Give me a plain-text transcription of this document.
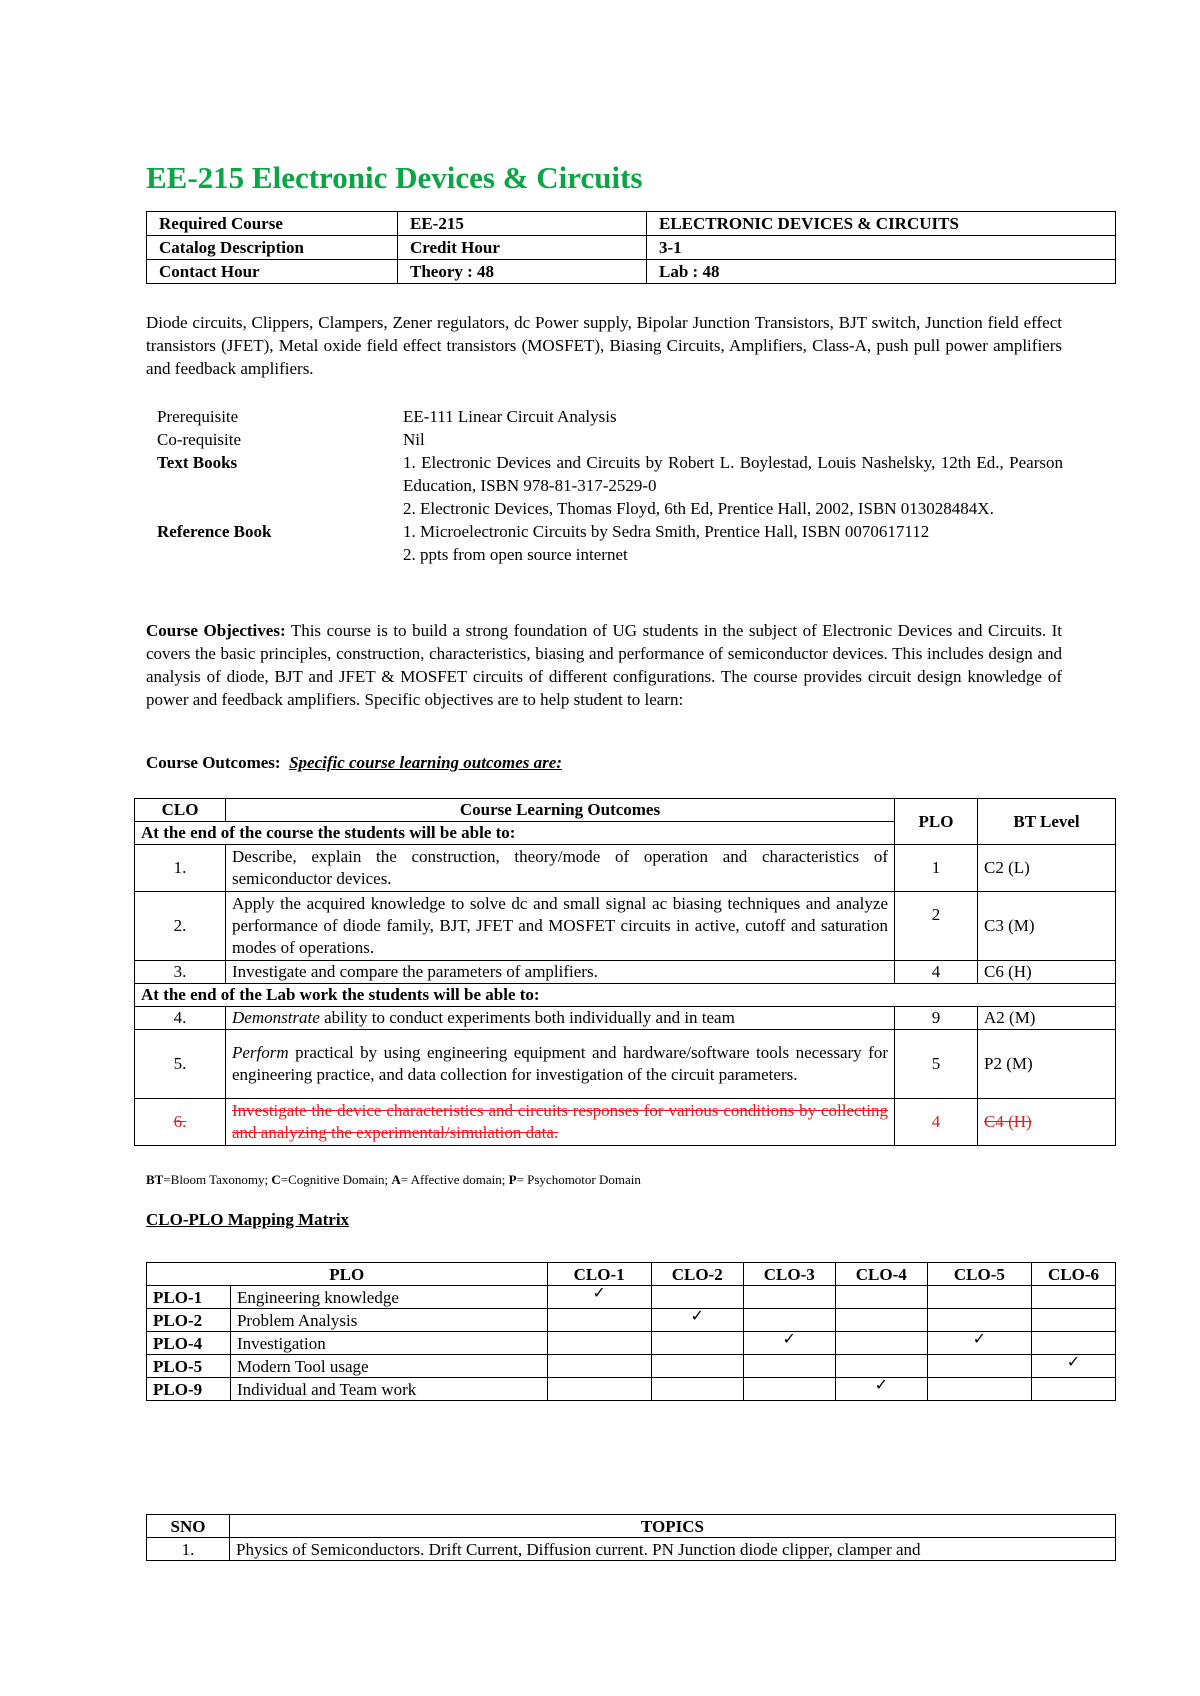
EE-215 Electronic Devices & Circuits
Required Course	EE-215	ELECTRONIC DEVICES & CIRCUITS
Catalog Description	Credit Hour	3-1
Contact Hour	Theory : 48	Lab : 48
Diode circuits, Clippers, Clampers, Zener regulators, dc Power supply, Bipolar Junction Transistors, BJT switch, Junction field effect transistors (JFET), Metal oxide field effect transistors (MOSFET), Biasing Circuits, Amplifiers, Class-A, push pull power amplifiers and feedback amplifiers.
Prerequisite	EE-111 Linear Circuit Analysis
Co-requisite	Nil
Text Books	1. Electronic Devices and Circuits by Robert L. Boylestad, Louis Nashelsky, 12th Ed., Pearson Education, ISBN 978-81-317-2529-0
2. Electronic Devices, Thomas Floyd, 6th Ed, Prentice Hall, 2002, ISBN 013028484X.
Reference Book	1. Microelectronic Circuits by Sedra Smith, Prentice Hall, ISBN 0070617112
2. ppts from open source internet
Course Objectives: This course is to build a strong foundation of UG students in the subject of Electronic Devices and Circuits. It covers the basic principles, construction, characteristics, biasing and performance of semiconductor devices. This includes design and analysis of diode, BJT and JFET & MOSFET circuits of different configurations. The course provides circuit design knowledge of power and feedback amplifiers. Specific objectives are to help student to learn:
Course Outcomes: Specific course learning outcomes are:
CLO	Course Learning Outcomes	PLO	BT Level
At the end of the course the students will be able to:			
1.	Describe, explain the construction, theory/mode of operation and characteristics of semiconductor devices.	1	C2 (L)
2.	Apply the acquired knowledge to solve dc and small signal ac biasing techniques and analyze performance of diode family, BJT, JFET and MOSFET circuits in active, cutoff and saturation modes of operations.	2	C3 (M)
3.	Investigate and compare the parameters of amplifiers.	4	C6 (H)
At the end of the Lab work the students will be able to:			
4.	Demonstrate ability to conduct experiments both individually and in team	9	A2 (M)
5.	Perform practical by using engineering equipment and hardware/software tools necessary for engineering practice, and data collection for investigation of the circuit parameters.	5	P2 (M)
6.	Investigate the device characteristics and circuits responses for various conditions by collecting and analyzing the experimental/simulation data.	4	C4 (H)
BT=Bloom Taxonomy; C=Cognitive Domain; A= Affective domain; P= Psychomotor Domain
CLO-PLO Mapping Matrix
PLO		CLO-1	CLO-2	CLO-3	CLO-4	CLO-5	CLO-6
PLO-1	Engineering knowledge	✓					
PLO-2	Problem Analysis		✓				
PLO-4	Investigation			✓		✓	
PLO-5	Modern Tool usage						✓
PLO-9	Individual and Team work				✓		
SNO	TOPICS
1.	Physics of Semiconductors. Drift Current, Diffusion current. PN Junction diode clipper, clamper and
